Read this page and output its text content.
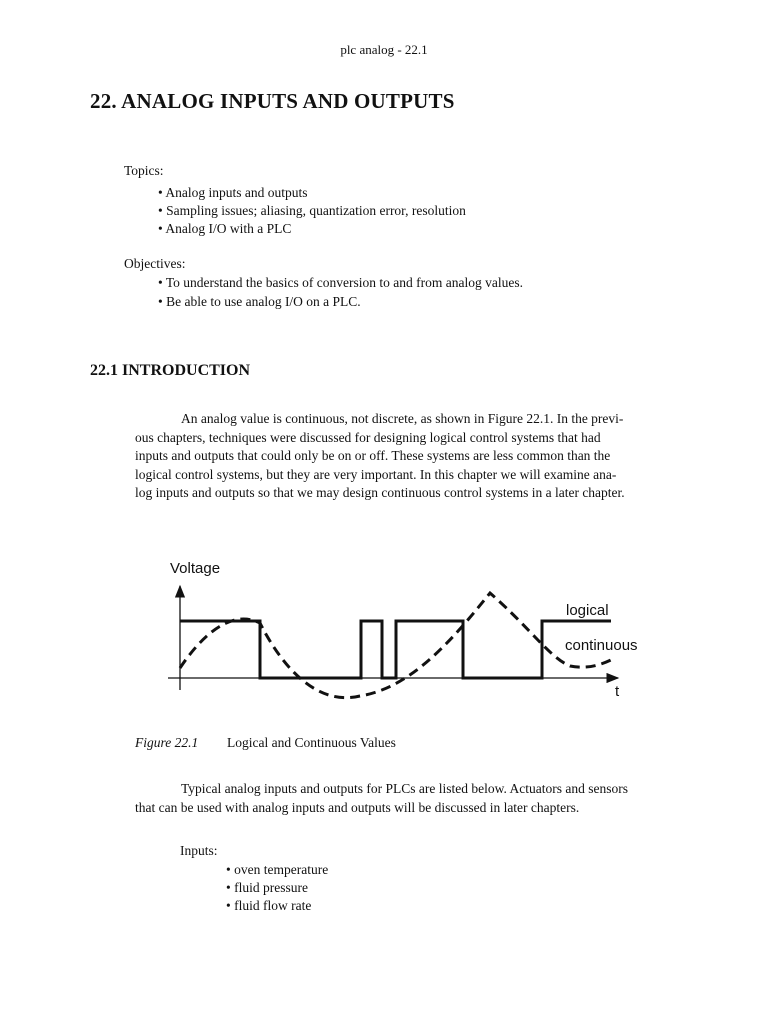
plc analog - 22.1
22. ANALOG INPUTS AND OUTPUTS
Topics:
• Analog inputs and outputs
• Sampling issues; aliasing, quantization error, resolution
• Analog I/O with a PLC
Objectives:
• To understand the basics of conversion to and from analog values.
• Be able to use analog I/O on a PLC.
22.1 INTRODUCTION
An analog value is continuous, not discrete, as shown in Figure 22.1. In the previ-
ous chapters, techniques were discussed for designing logical control systems that had
inputs and outputs that could only be on or off. These systems are less common than the
logical control systems, but they are very important. In this chapter we will examine ana-
log inputs and outputs so that we may design continuous control systems in a later chapter.
Voltage
t
logical
continuous
Figure 22.1 Logical and Continuous Values
Typical analog inputs and outputs for PLCs are listed below. Actuators and sensors
that can be used with analog inputs and outputs will be discussed in later chapters.
Inputs:
• oven temperature
• fluid pressure
• fluid flow rate
